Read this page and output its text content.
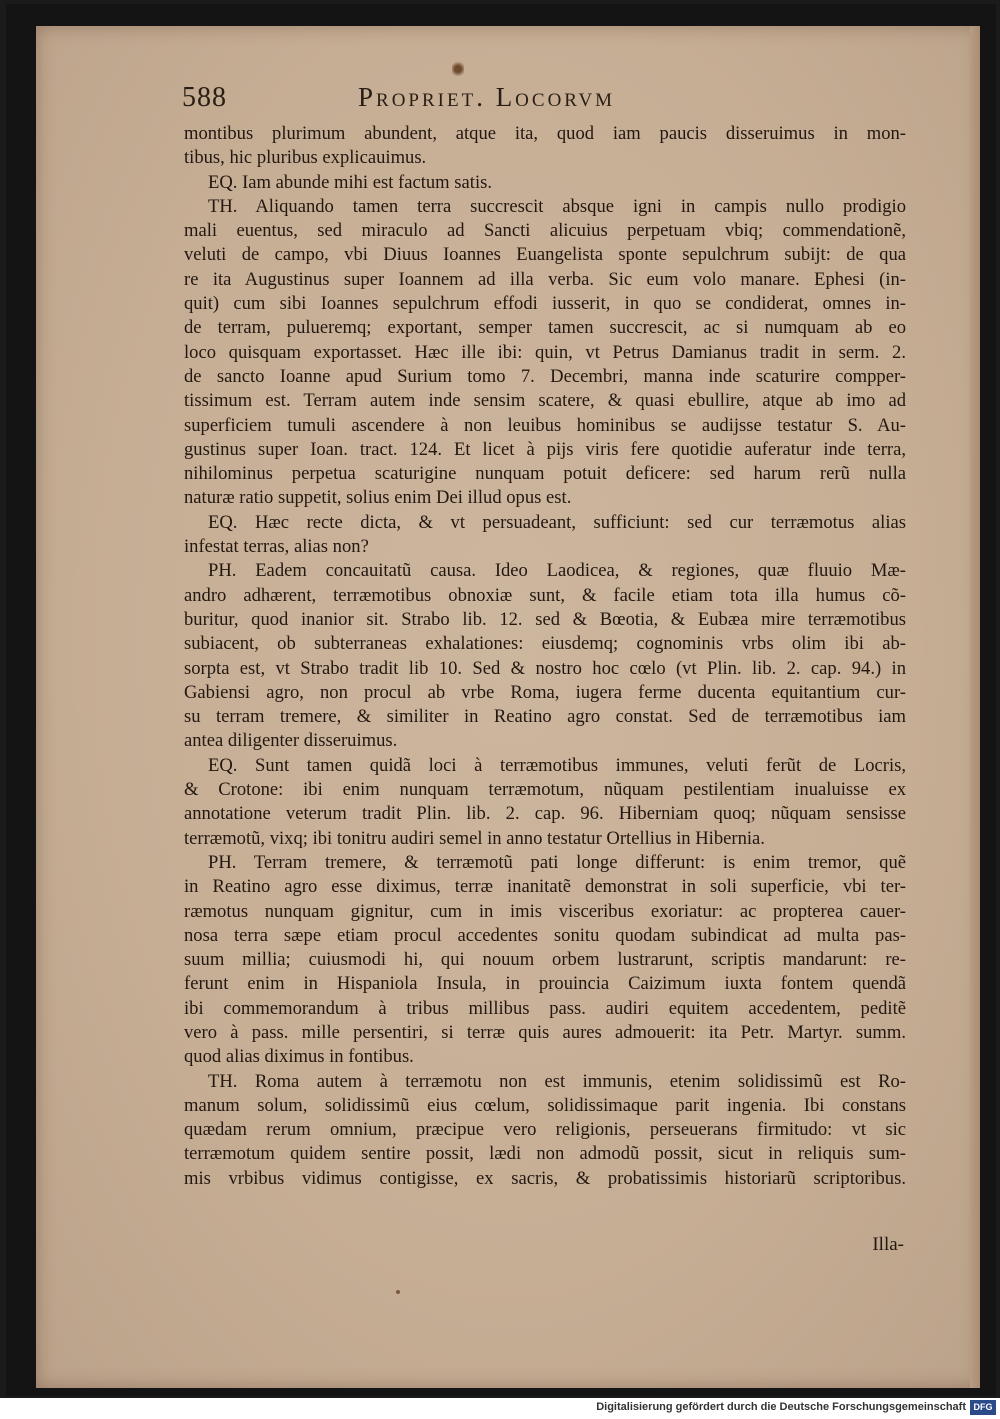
588	Propriet. Locorvm
montibus plurimum abundent, atque ita, quod iam paucis disseruimus in mon-
tibus, hic pluribus explicauimus.
EQ. Iam abunde mihi est factum satis.
TH. Aliquando tamen terra succrescit absque igni in campis nullo prodigio
mali euentus, sed miraculo ad Sancti alicuius perpetuam vbiq; commendationẽ,
veluti de campo, vbi Diuus Ioannes Euangelista sponte sepulchrum subijt: de qua
re ita Augustinus super Ioannem ad illa verba. Sic eum volo manare. Ephesi (in-
quit) cum sibi Ioannes sepulchrum effodi iusserit, in quo se condiderat, omnes in-
de terram, pulueremq; exportant, semper tamen succrescit, ac si numquam ab eo
loco quisquam exportasset. Hæc ille ibi: quin, vt Petrus Damianus tradit in serm. 2.
de sancto Ioanne apud Surium tomo 7. Decembri, manna inde scaturire compper-
tissimum est. Terram autem inde sensim scatere, & quasi ebullire, atque ab imo ad
superficiem tumuli ascendere à non leuibus hominibus se audijsse testatur S. Au-
gustinus super Ioan. tract. 124. Et licet à pijs viris fere quotidie auferatur inde terra,
nihilominus perpetua scaturigine nunquam potuit deficere: sed harum rerũ nulla
naturæ ratio suppetit, solius enim Dei illud opus est.
EQ. Hæc recte dicta, & vt persuadeant, sufficiunt: sed cur terræmotus alias
infestat terras, alias non?
PH. Eadem concauitatũ causa. Ideo Laodicea, & regiones, quæ fluuio Mæ-
andro adhærent, terræmotibus obnoxiæ sunt, & facile etiam tota illa humus cõ-
buritur, quod inanior sit. Strabo lib. 12. sed & Bœotia, & Eubæa mire terræmotibus
subiacent, ob subterraneas exhalationes: eiusdemq; cognominis vrbs olim ibi ab-
sorpta est, vt Strabo tradit lib 10. Sed & nostro hoc cœlo (vt Plin. lib. 2. cap. 94.) in
Gabiensi agro, non procul ab vrbe Roma, iugera ferme ducenta equitantium cur-
su terram tremere, & similiter in Reatino agro constat. Sed de terræmotibus iam
antea diligenter disseruimus.
EQ. Sunt tamen quidã loci à terræmotibus immunes, veluti ferũt de Locris,
& Crotone: ibi enim nunquam terræmotum, nũquam pestilentiam inualuisse ex
annotatione veterum tradit Plin. lib. 2. cap. 96. Hiberniam quoq; nũquam sensisse
terræmotũ, vixq; ibi tonitru audiri semel in anno testatur Ortellius in Hibernia.
PH. Terram tremere, & terræmotũ pati longe differunt: is enim tremor, quẽ
in Reatino agro esse diximus, terræ inanitatẽ demonstrat in soli superficie, vbi ter-
ræmotus nunquam gignitur, cum in imis visceribus exoriatur: ac propterea cauer-
nosa terra sæpe etiam procul accedentes sonitu quodam subindicat ad multa pas-
suum millia; cuiusmodi hi, qui nouum orbem lustrarunt, scriptis mandarunt: re-
ferunt enim in Hispaniola Insula, in prouincia Caizimum iuxta fontem quendã
ibi commemorandum à tribus millibus pass. audiri equitem accedentem, peditẽ
vero à pass. mille persentiri, si terræ quis aures admouerit: ita Petr. Martyr. summ.
quod alias diximus in fontibus.
TH. Roma autem à terræmotu non est immunis, etenim solidissimũ est Ro-
manum solum, solidissimũ eius cœlum, solidissimaque parit ingenia. Ibi constans
quædam rerum omnium, præcipue vero religionis, perseuerans firmitudo: vt sic
terræmotum quidem sentire possit, lædi non admodũ possit, sicut in reliquis sum-
mis vrbibus vidimus contigisse, ex sacris, & probatissimis historiarũ scriptoribus.
Illa-
Digitalisierung gefördert durch die Deutsche Forschungsgemeinschaft DFG
